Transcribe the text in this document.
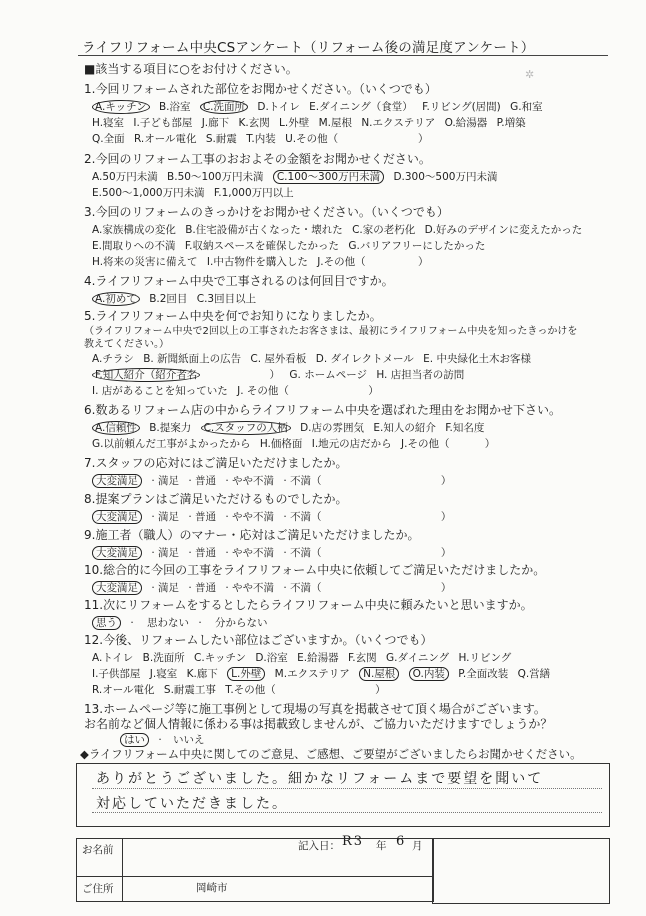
ライフリフォーム中央CSアンケート（リフォーム後の満足度アンケート）
✲
■該当する項目に○をお付けください。
1.今回リフォームされた部位をお聞かせください。（いくつでも）
A.キッチン B.浴室 C.洗面所 D.トイレ E.ダイニング（食堂） F.リビング(居間) G.和室
H.寝室 I.子ども部屋 J.廊下 K.玄関 L.外壁 M.屋根 N.エクステリア O.給湯器 P.増築
Q.全面 R.オール電化 S.耐震 T.内装 U.その他（	）
2.今回のリフォーム工事のおおよその金額をお聞かせください。
A.50万円未満 B.50～100万円未満 C.100～300万円未満 D.300～500万円未満
E.500～1,000万円未満 F.1,000万円以上
3.今回のリフォームのきっかけをお聞かせください。（いくつでも）
A.家族構成の変化 B.住宅設備が古くなった・壊れた C.家の老朽化 D.好みのデザインに変えたかった
E.間取りへの不満 F.収納スペースを確保したかった G.バリアフリーにしたかった
H.将来の災害に備えて I.中古物件を購入した J.その他（	）
4.ライフリフォーム中央で工事されるのは何回目ですか。
A.初めて B.2回目 C.3回目以上
5.ライフリフォーム中央を何でお知りになりましたか。
（ライフリフォーム中央で2回以上の工事されたお客さまは、最初にライフリフォーム中央を知ったきっかけを
教えてください。）
A.チラシ B. 新聞紙面上の広告 C. 屋外看板 D. ダイレクトメール E. 中央緑化土木お客様
F.知人紹介（紹介者名	） G. ホームページ H. 店担当者の訪問
I. 店があることを知っていた J. その他（	）
6.数あるリフォーム店の中からライフリフォーム中央を選ばれた理由をお聞かせ下さい。
A.信頼性 B.提案力 C.スタッフの人柄 D.店の雰囲気 E.知人の紹介 F.知名度
G.以前頼んだ工事がよかったから H.価格面 I.地元の店だから J.その他（	）
7.スタッフの応対にはご満足いただけましたか。
大変満足 · 満足 · 普通 · やや不満 · 不満（	）
8.提案プランはご満足いただけるものでしたか。
大変満足 · 満足 · 普通 · やや不満 · 不満（	）
9.施工者（職人）のマナー・応対はご満足いただけましたか。
大変満足 · 満足 · 普通 · やや不満 · 不満（	）
10.総合的に今回の工事をライフリフォーム中央に依頼してご満足いただけましたか。
大変満足 · 満足 · 普通 · やや不満 · 不満（	）
11.次にリフォームをするとしたらライフリフォーム中央に頼みたいと思いますか。
思う · 思わない · 分からない
12.今後、リフォームしたい部位はございますか。（いくつでも）
A.トイレ B.洗面所 C.キッチン D.浴室 E.給湯器 F.玄関 G.ダイニング H.リビング
I.子供部屋 J.寝室 K.廊下 L.外壁 M.エクステリア N.屋根 O.内装 P.全面改装 Q.営繕
R.オール電化 S.耐震工事 T.その他（	）
13.ホームページ等に施工事例として現場の写真を掲載させて頂く場合がございます。
お名前など個人情報に係わる事は掲載致しませんが、ご協力いただけますでしょうか？
はい · いいえ
◆ライフリフォーム中央に関してのご意見、ご感想、ご要望がございましたらお聞かせください。
ありがとうございました。細かなリフォームまで要望を聞いて
対応していただきました。
お名前	記入日： R3 年 6 月
ご住所	岡崎市
